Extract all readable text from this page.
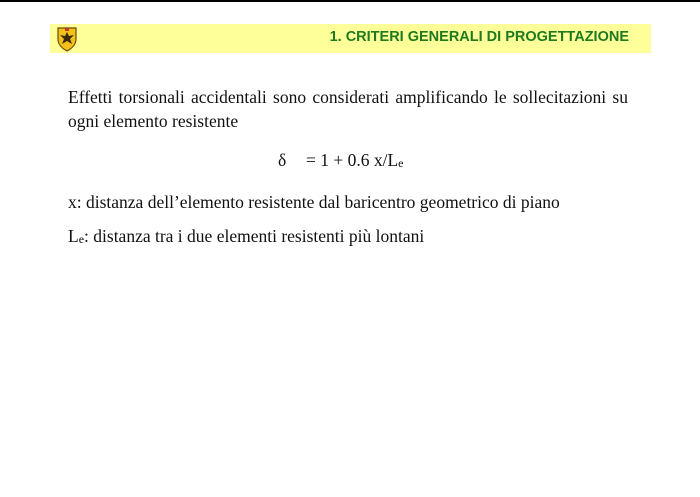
1. CRITERI GENERALI DI PROGETTAZIONE

Effetti torsionali accidentali sono considerati amplificando le sollecitazioni su ogni elemento resistente

δ = 1 + 0.6 x/Le

x: distanza dell’elemento resistente dal baricentro geometrico di piano

Le: distanza tra i due elementi resistenti più lontani
